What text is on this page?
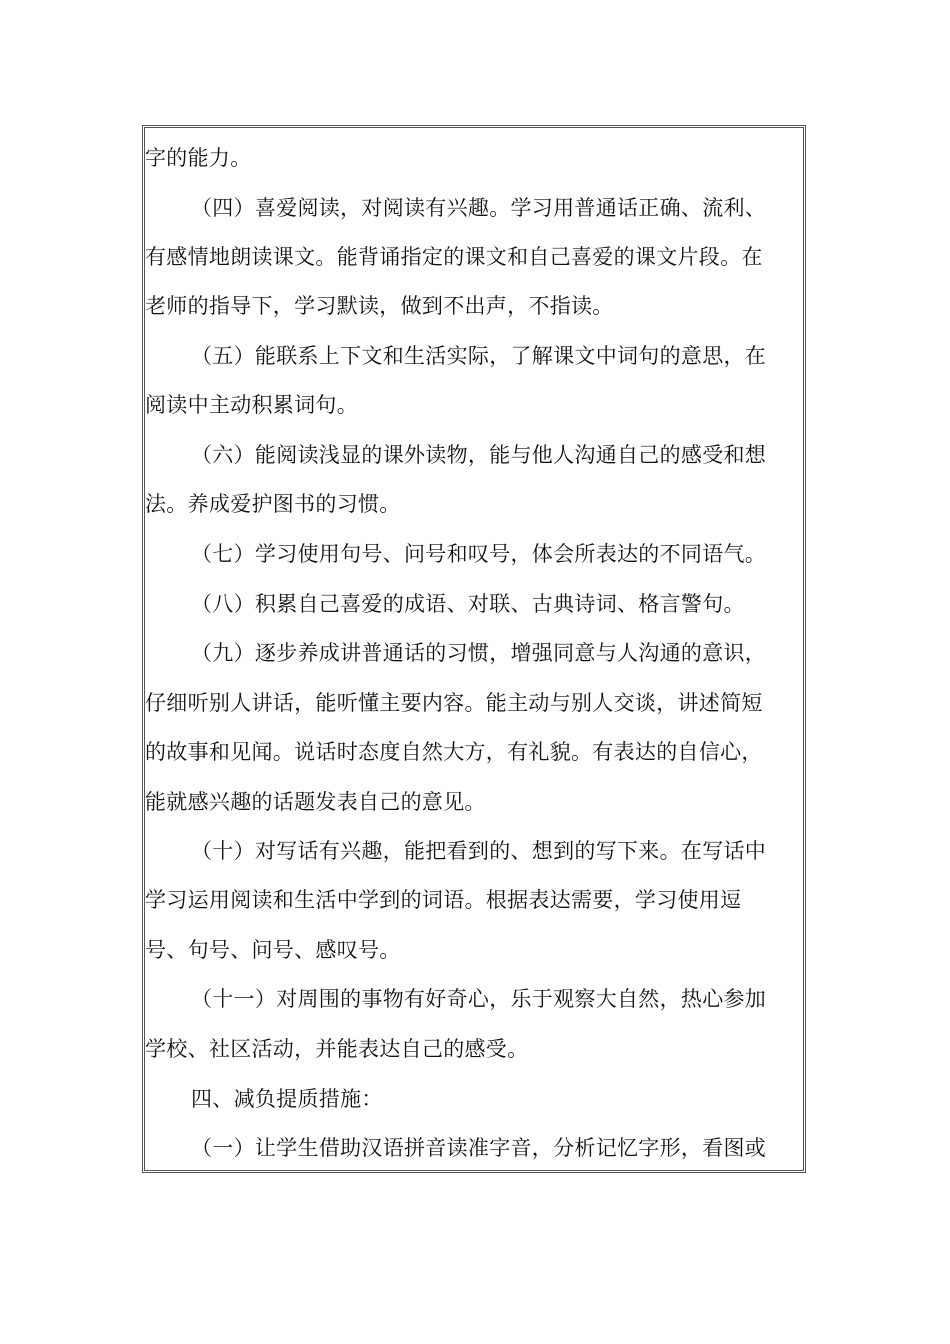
字的能力。
（四）喜爱阅读，对阅读有兴趣。学习用普通话正确、流利、
有感情地朗读课文。能背诵指定的课文和自己喜爱的课文片段。在
老师的指导下，学习默读，做到不出声，不指读。
（五）能联系上下文和生活实际，了解课文中词句的意思，在
阅读中主动积累词句。
（六）能阅读浅显的课外读物，能与他人沟通自己的感受和想
法。养成爱护图书的习惯。
（七）学习使用句号、问号和叹号，体会所表达的不同语气。
（八）积累自己喜爱的成语、对联、古典诗词、格言警句。
（九）逐步养成讲普通话的习惯，增强同意与人沟通的意识，
仔细听别人讲话，能听懂主要内容。能主动与别人交谈，讲述简短
的故事和见闻。说话时态度自然大方，有礼貌。有表达的自信心，
能就感兴趣的话题发表自己的意见。
（十）对写话有兴趣，能把看到的、想到的写下来。在写话中
学习运用阅读和生活中学到的词语。根据表达需要，学习使用逗
号、句号、问号、感叹号。
（十一）对周围的事物有好奇心，乐于观察大自然，热心参加
学校、社区活动，并能表达自己的感受。
四、减负提质措施：
（一）让学生借助汉语拼音读准字音，分析记忆字形，看图或
